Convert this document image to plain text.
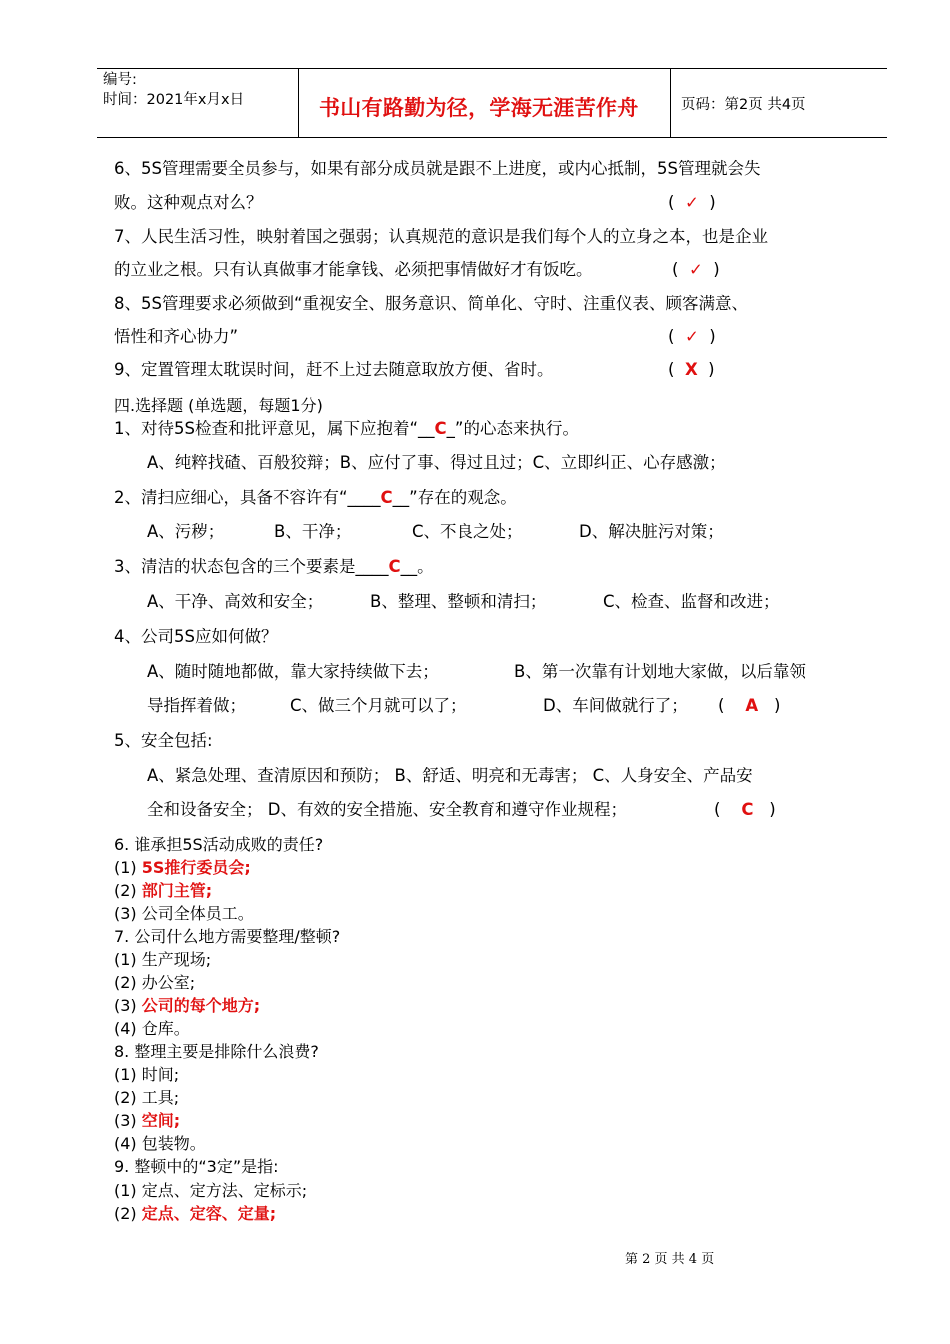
编号:
时间：2021年x月x日	书山有路勤为径，学海无涯苦作舟	页码：第2页 共4页
6、5S管理需要全员参与，如果有部分成员就是跟不上进度，或内心抵制，5S管理就会失
败。这种观点对么？	(  ✓  )
7、人民生活习性，映射着国之强弱；认真规范的意识是我们每个人的立身之本，也是企业
的立业之根。只有认真做事才能拿钱、必须把事情做好才有饭吃。	(  ✓  )
8、5S管理要求必须做到“重视安全、服务意识、简单化、守时、注重仪表、顾客满意、
悟性和齐心协力”	(  ✓  )
9、定置管理太耽误时间，赶不上过去随意取放方便、省时。	(  X  )
四.选择题 (单选题，每题1分)
1、对待5S检查和批评意见，属下应抱着“__C_”的心态来执行。
A、纯粹找碴、百般狡辩；B、应付了事、得过且过；C、立即纠正、心存感激；
2、清扫应细心，具备不容许有“____C__”存在的观念。
A、污秽；	B、干净；	C、不良之处；	D、解决脏污对策；
3、清洁的状态包含的三个要素是____C__。
A、干净、高效和安全；	B、整理、整顿和清扫；	C、检查、监督和改进；
4、公司5S应如何做？
A、随时随地都做，靠大家持续做下去；	B、第一次靠有计划地大家做，以后靠领
导指挥着做；	C、做三个月就可以了；	D、车间做就行了； (    A   )
5、安全包括:
A、紧急处理、查清原因和预防； B、舒适、明亮和无毒害； C、人身安全、产品安
全和设备安全； D、有效的安全措施、安全教育和遵守作业规程；	(    C   )
6. 谁承担5S活动成败的责任?
(1) 5S推行委员会;
(2) 部门主管;
(3) 公司全体员工。
7. 公司什么地方需要整理/整顿?
(1) 生产现场;
(2) 办公室;
(3) 公司的每个地方;
(4) 仓库。
8. 整理主要是排除什么浪费?
(1) 时间;
(2) 工具;
(3) 空间;
(4) 包装物。
9. 整顿中的“3定”是指:
(1) 定点、定方法、定标示;
(2) 定点、定容、定量;
第 2 页 共 4 页
